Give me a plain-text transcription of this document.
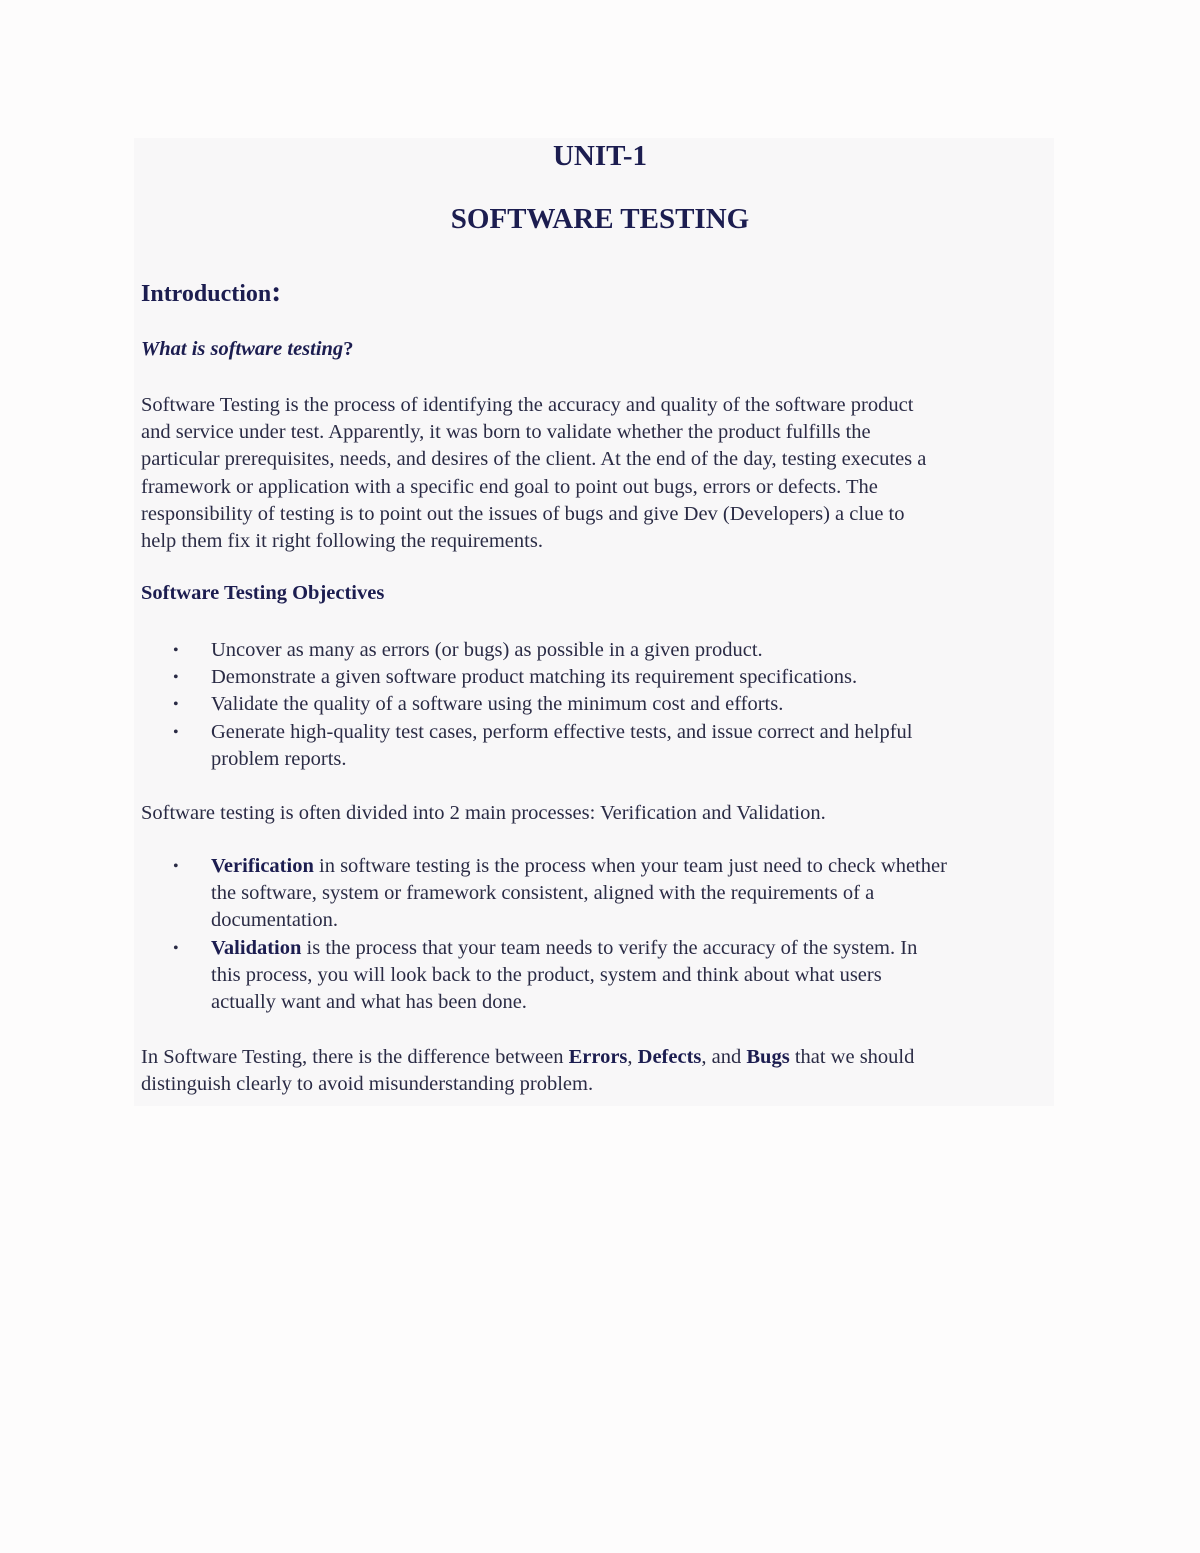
UNIT-1
SOFTWARE TESTING
Introduction:
What is software testing?

Software Testing is the process of identifying the accuracy and quality of the software product
and service under test. Apparently, it was born to validate whether the product fulfills the
particular prerequisites, needs, and desires of the client. At the end of the day, testing executes a
framework or application with a specific end goal to point out bugs, errors or defects. The
responsibility of testing is to point out the issues of bugs and give Dev (Developers) a clue to
help them fix it right following the requirements.

Software Testing Objectives
• Uncover as many as errors (or bugs) as possible in a given product.
• Demonstrate a given software product matching its requirement specifications.
• Validate the quality of a software using the minimum cost and efforts.
• Generate high-quality test cases, perform effective tests, and issue correct and helpful
problem reports.

Software testing is often divided into 2 main processes: Verification and Validation.

• Verification in software testing is the process when your team just need to check whether
the software, system or framework consistent, aligned with the requirements of a
documentation.
• Validation is the process that your team needs to verify the accuracy of the system. In
this process, you will look back to the product, system and think about what users
actually want and what has been done.

In Software Testing, there is the difference between Errors, Defects, and Bugs that we should
distinguish clearly to avoid misunderstanding problem.
